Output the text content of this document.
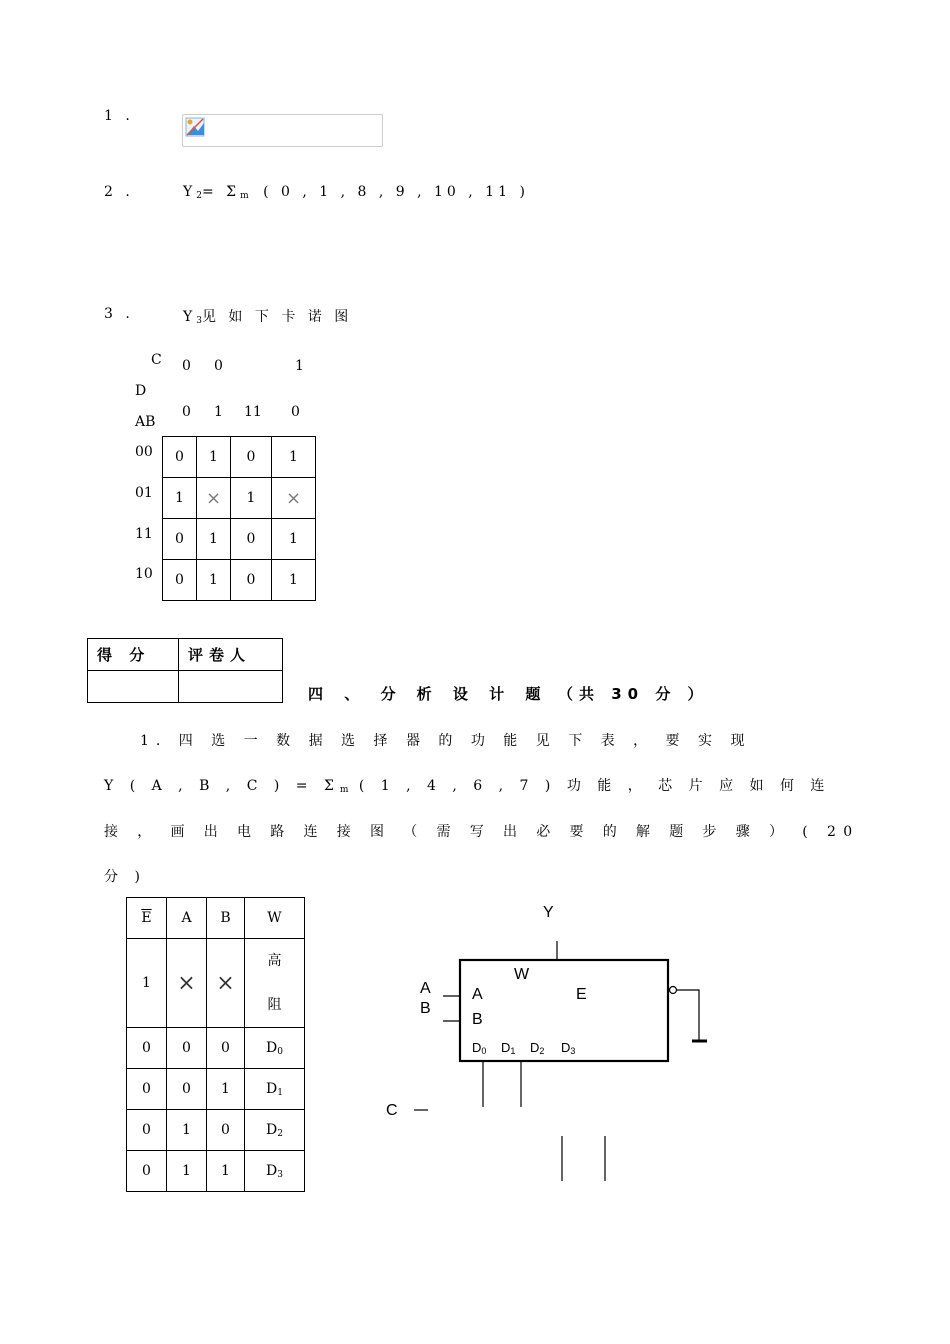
1 .
2 .	$Y_2= \Sigma_m$ ( 0 , 1 , 8 , 9 , 10 , 11 )
3 .	$Y_3$见 如 下 卡 诺 图
C
D
AB
0 0	1
0 1 11 0
00
01
11
10
0	1	0	1
1	×	1	×
0	1	0	1
0	1	0	1
得 分	评卷人

四 、 分 析 设 计 题 （共 30 分 ）
1. 四 选 一 数 据 选 择 器 的 功 能 见 下 表 ， 要 实 现
Y ( A , B , C ) = $\Sigma_m$ ( 1 , 4 , 6 , 7 ) 功 能 ， 芯 片 应 如 何 连
接 ， 画 出 电 路 连 接 图 （ 需 写 出 必 要 的 解 题 步 骤 ） ( 20
分 )
$\overline{E}$	A	B	W
1	×	×	高
阻

0	0	0	$D_0$
0	0	1	$D_1$
0	1	0	$D_2$
0	1	1	$D_3$
Y
W
A
B
A
B
E
$D_0$ $D_1$ $D_2$ $D_3$
C
